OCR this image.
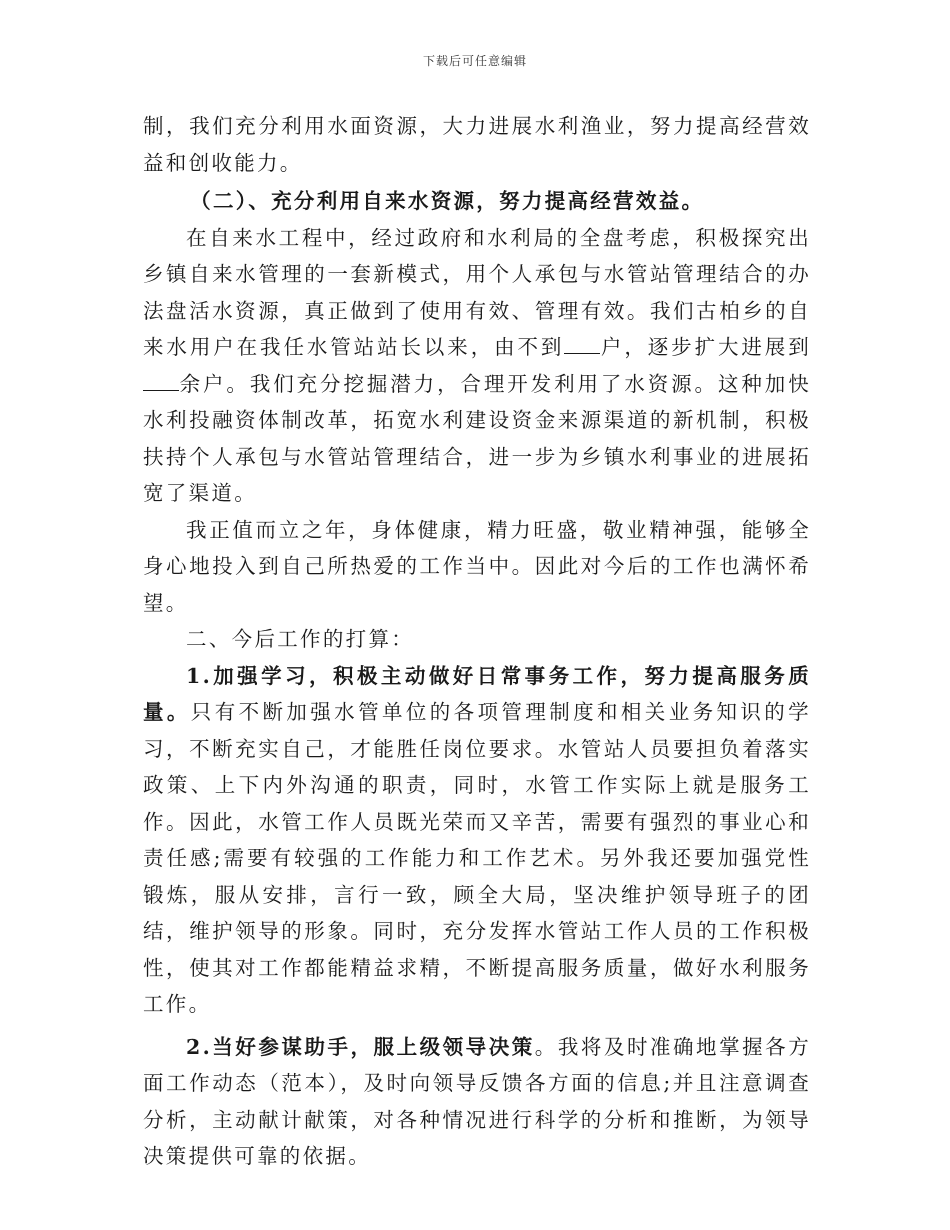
下载后可任意编辑

制，我们充分利用水面资源，大力进展水利渔业，努力提高经营效益和创收能力。

（二）、充分利用自来水资源，努力提高经营效益。

在自来水工程中，经过政府和水利局的全盘考虑，积极探究出乡镇自来水管理的一套新模式，用个人承包与水管站管理结合的办法盘活水资源，真正做到了使用有效、管理有效。我们古柏乡的自来水用户在我任水管站站长以来，由不到 户，逐步扩大进展到余户。我们充分挖掘潜力，合理开发利用了水资源。这种加快水利投融资体制改革，拓宽水利建设资金来源渠道的新机制，积极扶持个人承包与水管站管理结合，进一步为乡镇水利事业的进展拓宽了渠道。

我正值而立之年，身体健康，精力旺盛，敬业精神强，能够全身心地投入到自己所热爱的工作当中。因此对今后的工作也满怀希望。

二、今后工作的打算：

1.加强学习，积极主动做好日常事务工作，努力提高服务质量。只有不断加强水管单位的各项管理制度和相关业务知识的学习，不断充实自己，才能胜任岗位要求。水管站人员要担负着落实政策、上下内外沟通的职责，同时，水管工作实际上就是服务工作。因此，水管工作人员既光荣而又辛苦，需要有强烈的事业心和责任感;需要有较强的工作能力和工作艺术。另外我还要加强党性锻炼，服从安排，言行一致，顾全大局，坚决维护领导班子的团结，维护领导的形象。同时，充分发挥水管站工作人员的工作积极性，使其对工作都能精益求精，不断提高服务质量，做好水利服务工作。

2.当好参谋助手，服上级领导决策。我将及时准确地掌握各方面工作动态（范本），及时向领导反馈各方面的信息;并且注意调查分析，主动献计献策，对各种情况进行科学的分析和推断，为领导决策提供可靠的依据。
